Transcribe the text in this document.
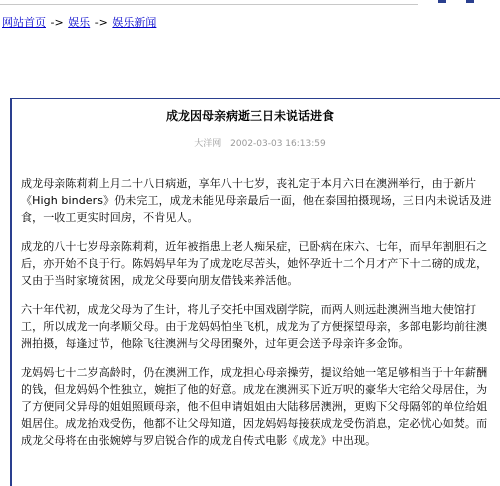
网站首页 -> 娱乐 -> 娱乐新闻
成龙因母亲病逝三日未说话进食
大洋网 2002-03-03 16:13:59

成龙母亲陈莉莉上月二十八日病逝，享年八十七岁，丧礼定于本月六日在澳洲举行，由于新片《High binders》仍未完工，成龙未能见母亲最后一面，他在泰国拍摄现场，三日内未说话及进食，一收工更实时回房，不肯见人。

成龙的八十七岁母亲陈莉莉，近年被指患上老人痴呆症，已卧病在床六、七年，而早年割胆石之后，亦开始不良于行。陈妈妈早年为了成龙吃尽苦头，她怀孕近十二个月才产下十二磅的成龙，又由于当时家境贫困，成龙父母要向朋友借钱来养活他。

六十年代初，成龙父母为了生计，将儿子交托中国戏剧学院，而两人则远赴澳洲当地大使馆打工，所以成龙一向孝顺父母。由于龙妈妈怕坐飞机，成龙为了方便探望母亲，多部电影均前往澳洲拍摄，每逢过节，他除飞往澳洲与父母团聚外，过年更会送予母亲许多金饰。

龙妈妈七十二岁高龄时，仍在澳洲工作，成龙担心母亲操劳，提议给她一笔足够相当于十年薪酬的钱，但龙妈妈个性独立，婉拒了他的好意。成龙在澳洲买下近万呎的豪华大宅给父母居住，为了方便同父异母的姐姐照顾母亲，他不但申请姐姐由大陆移居澳洲，更购下父母隔邻的单位给姐姐居住。成龙抬戏受伤，他都不让父母知道，因龙妈妈每接获成龙受伤消息，定必忧心如焚。而成龙父母将在由张婉婷与罗启锐合作的成龙自传式电影《成龙》中出现。
